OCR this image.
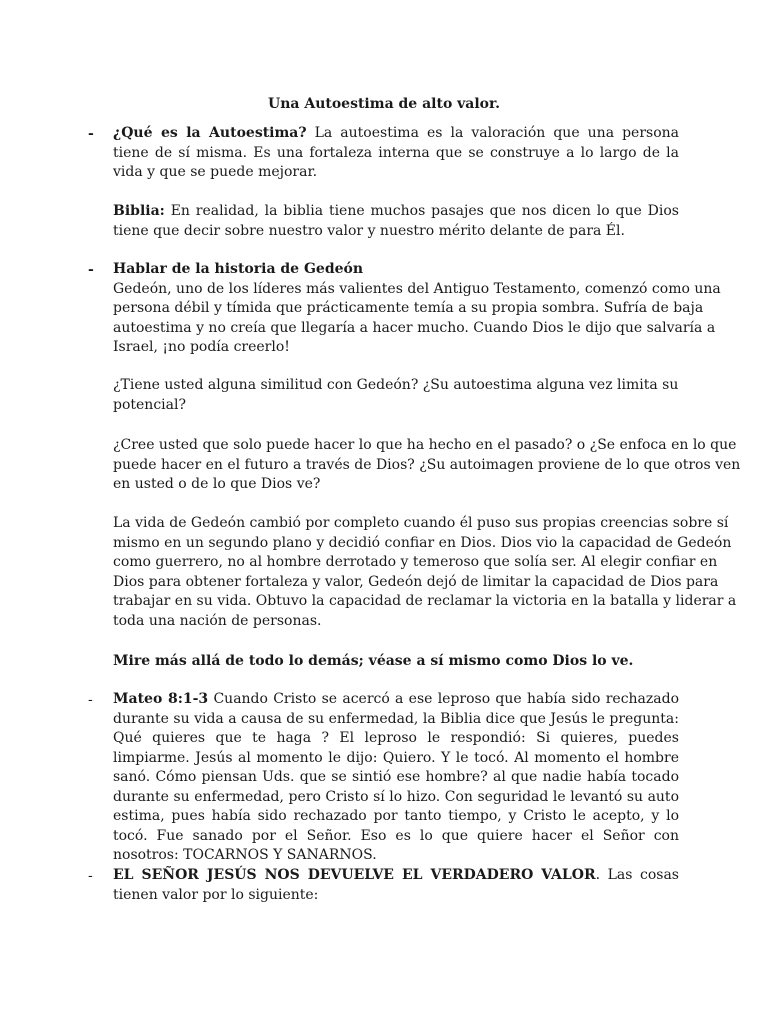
Una Autoestima de alto valor.
- ¿Qué es la Autoestima? La autoestima es la valoración que una persona tiene de sí misma. Es una fortaleza interna que se construye a lo largo de la vida y que se puede mejorar.
Biblia: En realidad, la biblia tiene muchos pasajes que nos dicen lo que Dios tiene que decir sobre nuestro valor y nuestro mérito delante de para Él.
- Hablar de la historia de Gedeón
Gedeón, uno de los líderes más valientes del Antiguo Testamento, comenzó como una
persona débil y tímida que prácticamente temía a su propia sombra. Sufría de baja
autoestima y no creía que llegaría a hacer mucho. Cuando Dios le dijo que salvaría a
Israel, ¡no podía creerlo!
¿Tiene usted alguna similitud con Gedeón? ¿Su autoestima alguna vez limita su
potencial?
¿Cree usted que solo puede hacer lo que ha hecho en el pasado? o ¿Se enfoca en lo que
puede hacer en el futuro a través de Dios? ¿Su autoimagen proviene de lo que otros ven
en usted o de lo que Dios ve?
La vida de Gedeón cambió por completo cuando él puso sus propias creencias sobre sí
mismo en un segundo plano y decidió confiar en Dios. Dios vio la capacidad de Gedeón
como guerrero, no al hombre derrotado y temeroso que solía ser. Al elegir confiar en
Dios para obtener fortaleza y valor, Gedeón dejó de limitar la capacidad de Dios para
trabajar en su vida. Obtuvo la capacidad de reclamar la victoria en la batalla y liderar a
toda una nación de personas.
Mire más allá de todo lo demás; véase a sí mismo como Dios lo ve.
- Mateo 8:1-3 Cuando Cristo se acercó a ese leproso que había sido rechazado durante su vida a causa de su enfermedad, la Biblia dice que Jesús le pregunta: Qué quieres que te haga ? El leproso le respondió: Si quieres, puedes limpiarme. Jesús al momento le dijo: Quiero. Y le tocó. Al momento el hombre sanó. Cómo piensan Uds. que se sintió ese hombre? al que nadie había tocado durante su enfermedad, pero Cristo sí lo hizo. Con seguridad le levantó su auto estima, pues había sido rechazado por tanto tiempo, y Cristo le acepto, y lo tocó. Fue sanado por el Señor. Eso es lo que quiere hacer el Señor con nosotros: TOCARNOS Y SANARNOS.
- EL SEÑOR JESÚS NOS DEVUELVE EL VERDADERO VALOR. Las cosas tienen valor por lo siguiente:
